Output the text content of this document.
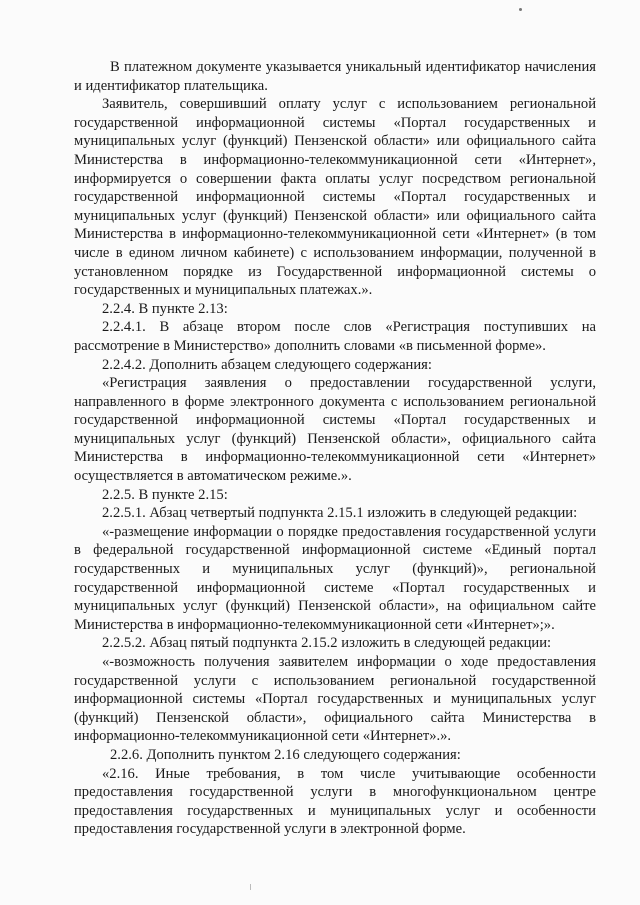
В платежном документе указывается уникальный идентификатор начисления и идентификатор плательщика.

Заявитель, совершивший оплату услуг с использованием региональной государственной информационной системы «Портал государственных и муниципальных услуг (функций) Пензенской области» или официального сайта Министерства в информационно-телекоммуникационной сети «Интернет», информируется о совершении факта оплаты услуг посредством региональной государственной информационной системы «Портал государственных и муниципальных услуг (функций) Пензенской области» или официального сайта Министерства в информационно-телекоммуникационной сети «Интернет» (в том числе в едином личном кабинете) с использованием информации, полученной в установленном порядке из Государственной информационной системы о государственных и муниципальных платежах.».

2.2.4. В пункте 2.13:

2.2.4.1. В абзаце втором после слов «Регистрация поступивших на рассмотрение в Министерство» дополнить словами «в письменной форме».

2.2.4.2. Дополнить абзацем следующего содержания:

«Регистрация заявления о предоставлении государственной услуги, направленного в форме электронного документа с использованием региональной государственной информационной системы «Портал государственных и муниципальных услуг (функций) Пензенской области», официального сайта Министерства в информационно-телекоммуникационной сети «Интернет» осуществляется в автоматическом режиме.».

2.2.5. В пункте 2.15:

2.2.5.1. Абзац четвертый подпункта 2.15.1 изложить в следующей редакции:

«-размещение информации о порядке предоставления государственной услуги в федеральной государственной информационной системе «Единый портал государственных и муниципальных услуг (функций)», региональной государственной информационной системе «Портал государственных и муниципальных услуг (функций) Пензенской области», на официальном сайте Министерства в информационно-телекоммуникационной сети «Интернет»;».

2.2.5.2. Абзац пятый подпункта 2.15.2 изложить в следующей редакции:

«-возможность получения заявителем информации о ходе предоставления государственной услуги с использованием региональной государственной информационной системы «Портал государственных и муниципальных услуг (функций) Пензенской области», официального сайта Министерства в информационно-телекоммуникационной сети «Интернет».».

2.2.6. Дополнить пунктом 2.16 следующего содержания:

«2.16. Иные требования, в том числе учитывающие особенности предоставления государственной услуги в многофункциональном центре предоставления государственных и муниципальных услуг и особенности предоставления государственной услуги в электронной форме.
